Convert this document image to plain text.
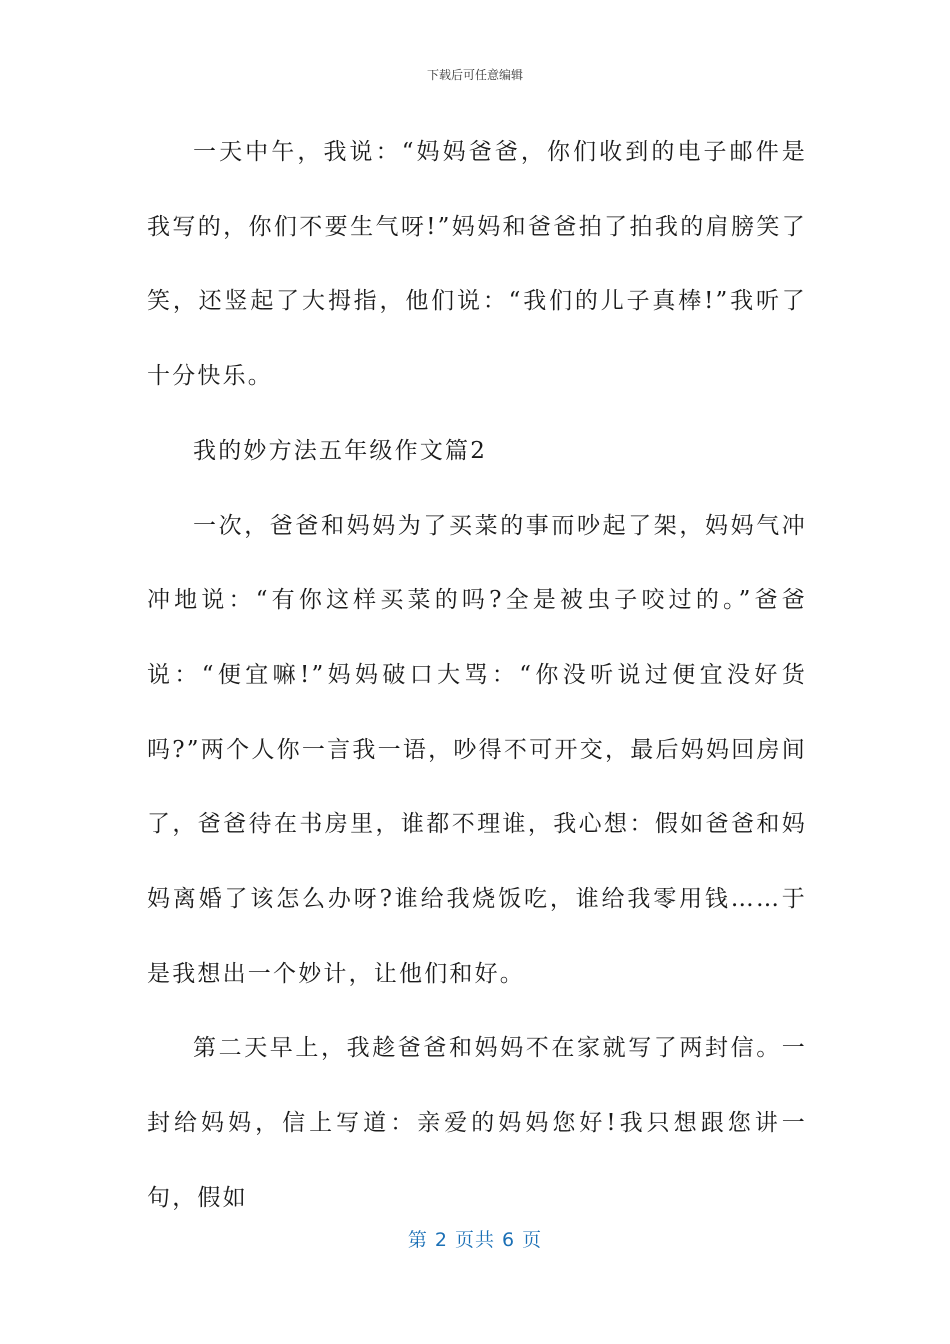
下载后可任意编辑

一天中午，我说：“妈妈爸爸，你们收到的电子邮件是我写的，你们不要生气呀!”妈妈和爸爸拍了拍我的肩膀笑了笑，还竖起了大拇指，他们说：“我们的儿子真棒!”我听了十分快乐。

我的妙方法五年级作文篇2

一次，爸爸和妈妈为了买菜的事而吵起了架，妈妈气冲冲地说：“有你这样买菜的吗?全是被虫子咬过的。”爸爸说：“便宜嘛!”妈妈破口大骂：“你没听说过便宜没好货吗?”两个人你一言我一语，吵得不可开交，最后妈妈回房间了，爸爸待在书房里，谁都不理谁，我心想：假如爸爸和妈妈离婚了该怎么办呀?谁给我烧饭吃，谁给我零用钱……于是我想出一个妙计，让他们和好。

第二天早上，我趁爸爸和妈妈不在家就写了两封信。一封给妈妈，信上写道：亲爱的妈妈您好!我只想跟您讲一句，假如

第 2 页共 6 页
